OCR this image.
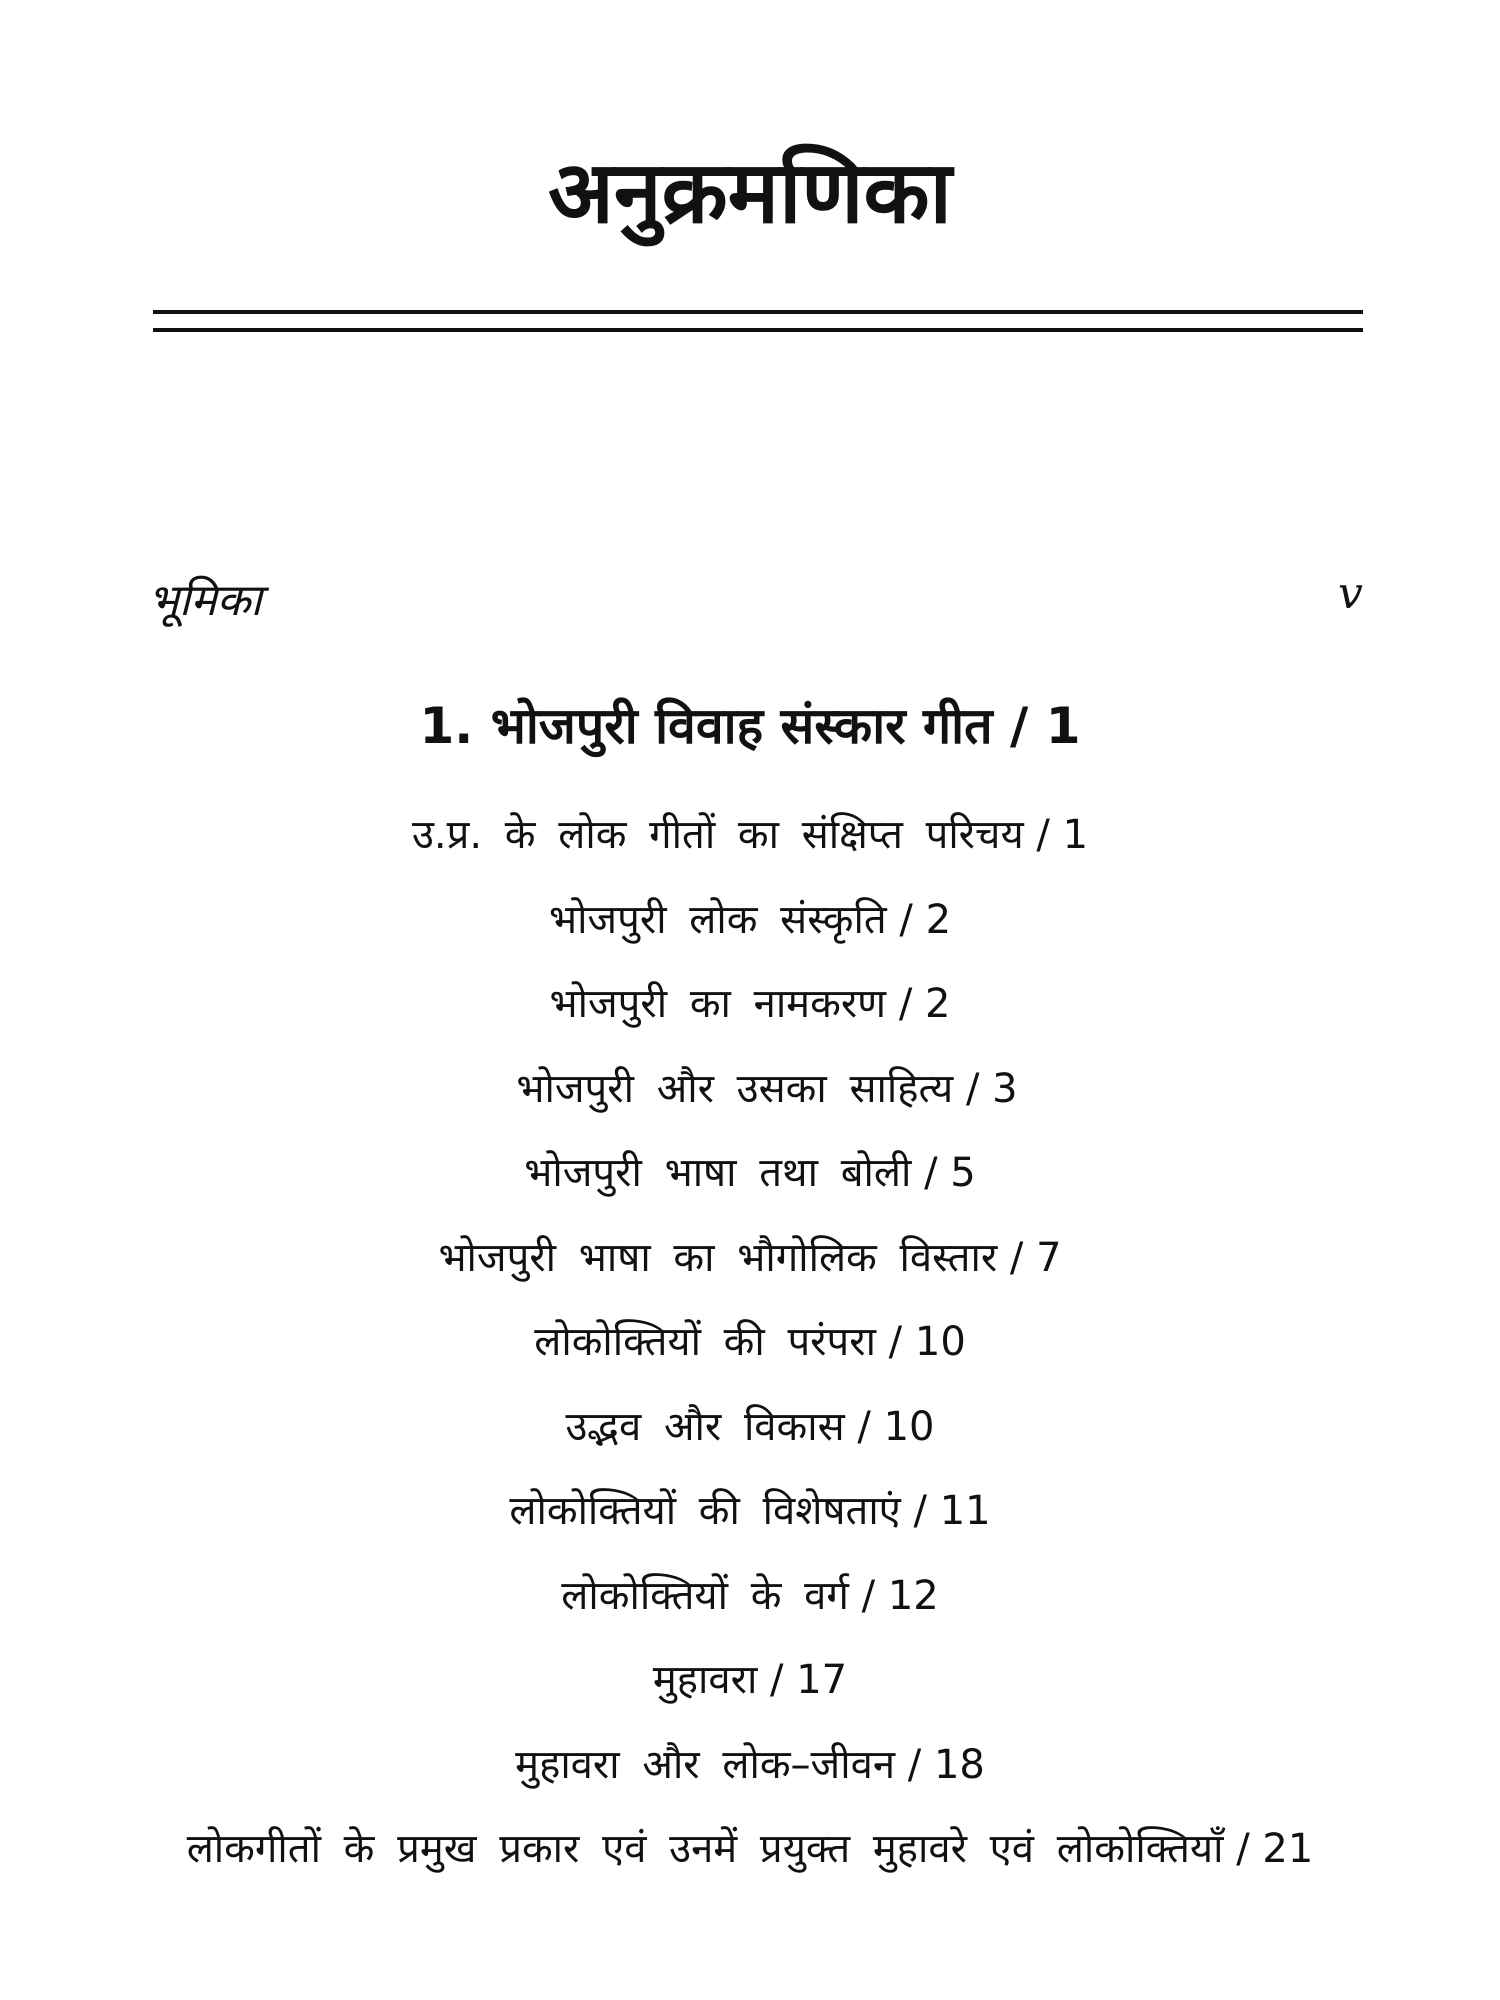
अनुक्रमणिका
भूमिका	v
1. भोजपुरी विवाह संस्कार गीत / 1
उ.प्र. के लोक गीतों का संक्षिप्त परिचय / 1
भोजपुरी लोक संस्कृति / 2
भोजपुरी का नामकरण / 2
भोजपुरी और उसका साहित्य / 3
भोजपुरी भाषा तथा बोली / 5
भोजपुरी भाषा का भौगोलिक विस्तार / 7
लोकोक्तियों की परंपरा / 10
उद्भव और विकास / 10
लोकोक्तियों की विशेषताएं / 11
लोकोक्तियों के वर्ग / 12
मुहावरा / 17
मुहावरा और लोक–जीवन / 18
लोकगीतों के प्रमुख प्रकार एवं उनमें प्रयुक्त मुहावरे एवं लोकोक्तियाँ / 21
